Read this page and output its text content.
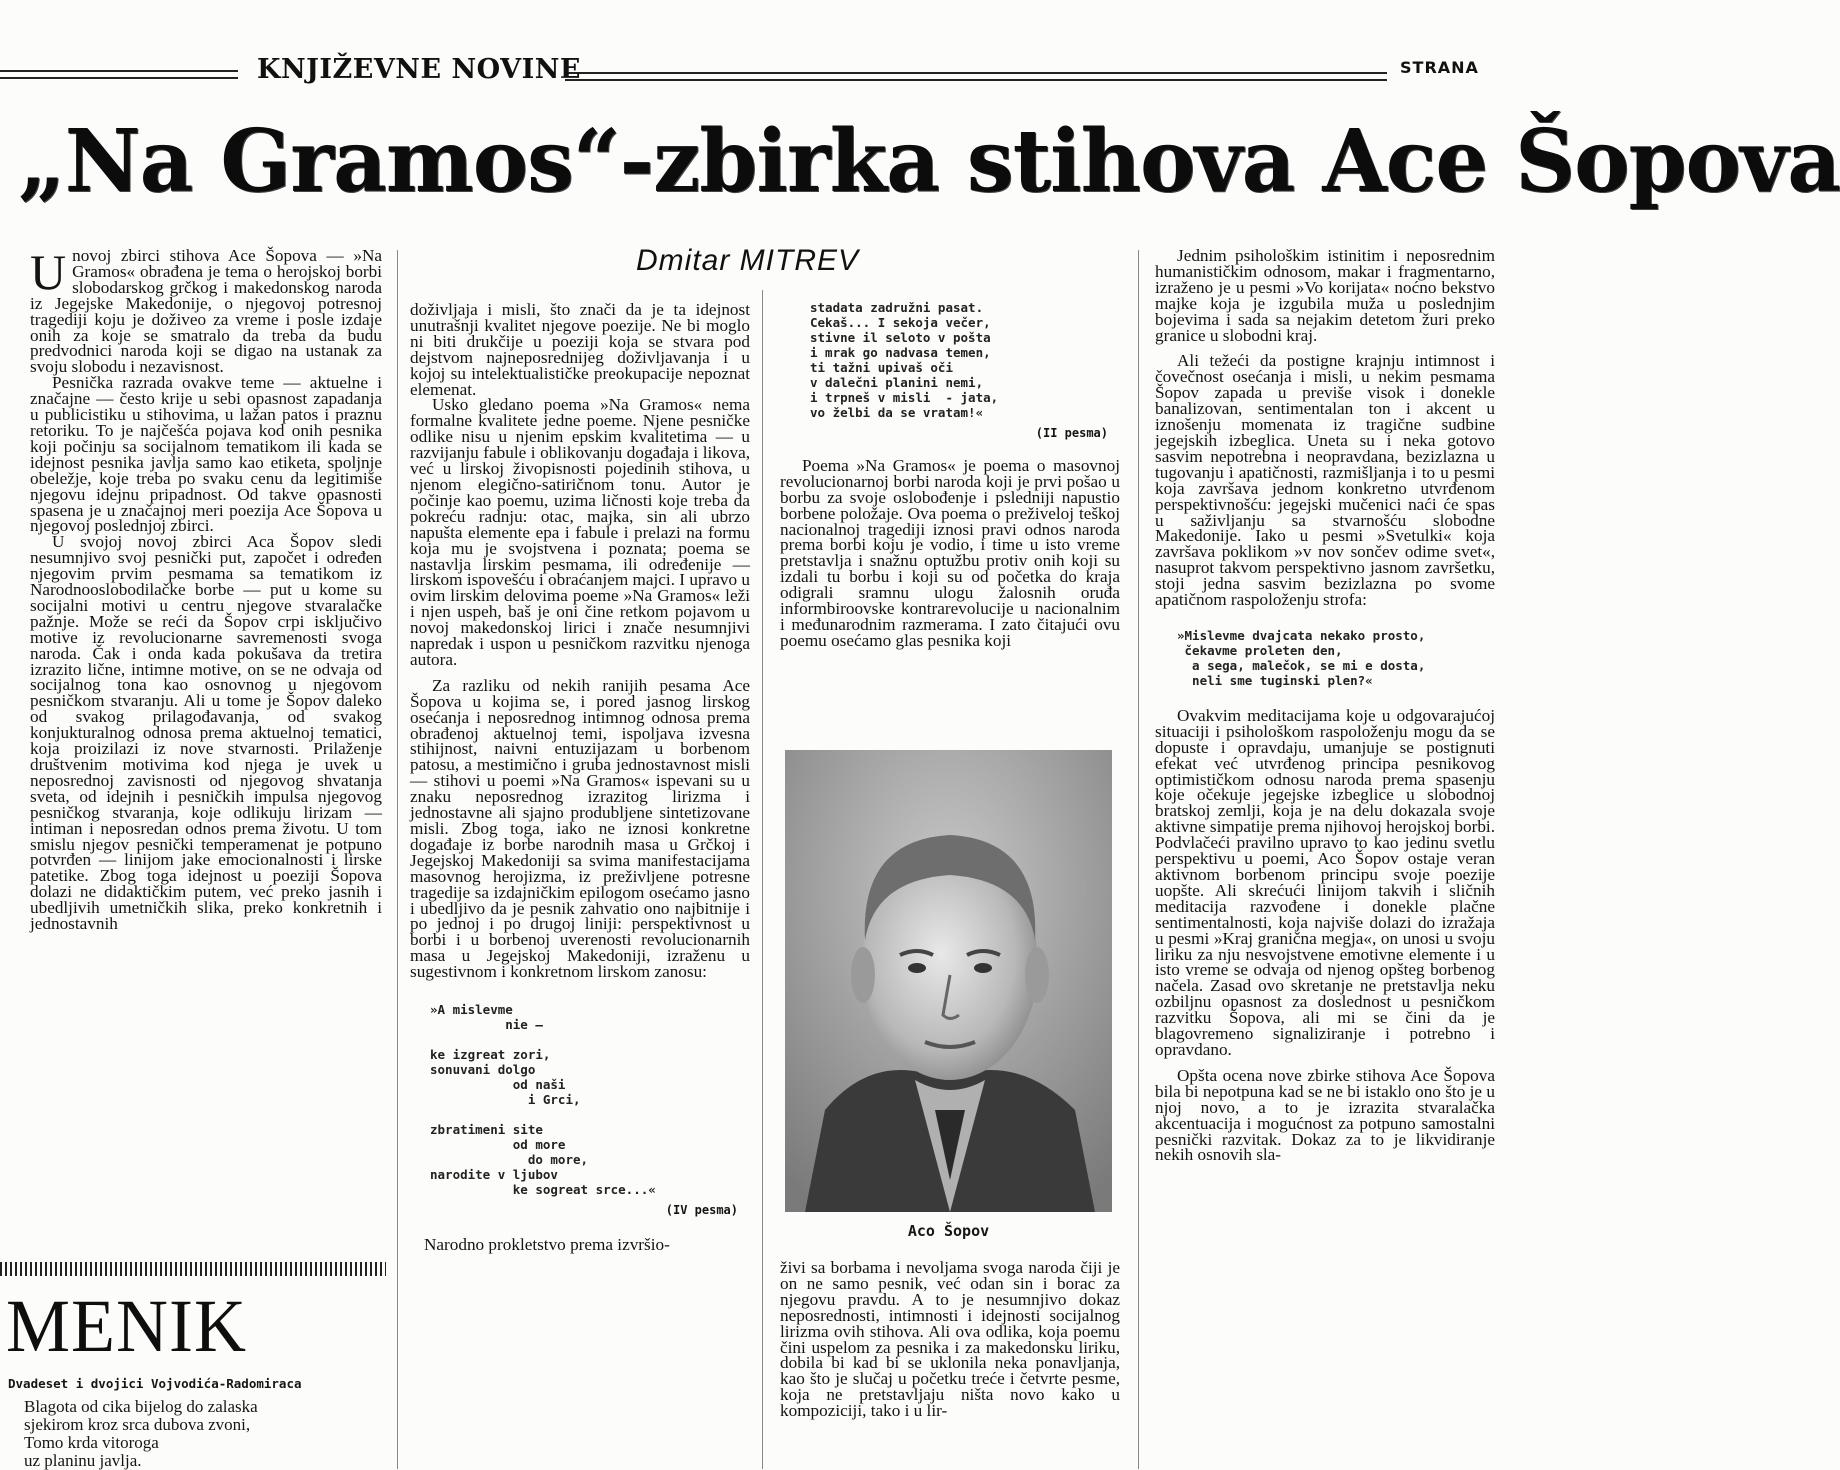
KNJIŽEVNE NOVINE	STRANA
„Na Gramos“-zbirka stihova Ace Šopova
Dmitar MITREV

Unovoj zbirci stihova Ace Šopova — »Na Gramos« obrađena je tema o herojskoj borbi slobodarskog grčkog i makedonskog naroda iz Jegejske Makedonije, o njegovoj potresnoj tragediji koju je doživeo za vreme i posle izdaje onih za koje se smatralo da treba da budu predvodnici naroda koji se digao na ustanak za svoju slobodu i nezavisnost.

Pesnička razrada ovakve teme — aktuelne i značajne — često krije u sebi opasnost zapadanja u publicistiku u stihovima, u lažan patos i praznu retoriku. To je najčešća pojava kod onih pesnika koji počinju sa socijalnom tematikom ili kada se idejnost pesnika javlja samo kao etiketa, spoljnje obeležje, koje treba po svaku cenu da legitimiše njegovu idejnu pripadnost. Od takve opasnosti spasena je u značajnoj meri poezija Ace Šopova u njegovoj poslednjoj zbirci.

U svojoj novoj zbirci Aca Šopov sledi nesumnjivo svoj pesnički put, započet i određen njegovim prvim pesmama sa tematikom iz Narodnooslobodilačke borbe — put u kome su socijalni motivi u centru njegove stvaralačke pažnje. Može se reći da Šopov crpi isključivo motive iz revolucionarne savremenosti svoga naroda. Čak i onda kada pokušava da tretira izrazito lične, intimne motive, on se ne odvaja od socijalnog tona kao osnovnog u njegovom pesničkom stvaranju. Ali u tome je Šopov daleko od svakog prilagođavanja, od svakog konjukturalnog odnosa prema aktuelnoj tematici, koja proizilazi iz nove stvarnosti. Prilaženje društvenim motivima kod njega je uvek u neposrednoj zavisnosti od njegovog shvatanja sveta, od idejnih i pesničkih impulsa njegovog pesničkog stvaranja, koje odlikuju lirizam — intiman i neposredan odnos prema životu. U tom smislu njegov pesnički temperamenat je potpuno potvrđen — linijom jake emocionalnosti i lirske patetike. Zbog toga idejnost u poeziji Šopova dolazi ne didaktičkim putem, već preko jasnih i ubedljivih umetničkih slika, preko konkretnih i jednostavnih

doživljaja i misli, što znači da je ta idejnost unutrašnji kvalitet njegove poezije. Ne bi moglo ni biti drukčije u poeziji koja se stvara pod dejstvom najneposrednijeg doživljavanja i u kojoj su intelektualističke preokupacije nepoznat elemenat.

Usko gledano poema »Na Gramos« nema formalne kvalitete jedne poeme. Njene pesničke odlike nisu u njenim epskim kvalitetima — u razvijanju fabule i oblikovanju događaja i likova, već u lirskoj živopisnosti pojedinih stihova, u njenom elegično-satiričnom tonu. Autor je počinje kao poemu, uzima ličnosti koje treba da pokreću radnju: otac, majka, sin ali ubrzo napušta elemente epa i fabule i prelazi na formu koja mu je svojstvena i poznata; poema se nastavlja lirskim pesmama, ili određenije — lirskom ispovešću i obraćanjem majci. I upravo u ovim lirskim delovima poeme »Na Gramos« leži i njen uspeh, baš je oni čine retkom pojavom u novoj makedonskoj lirici i znače nesumnjivi napredak i uspon u pesničkom razvitku njenoga autora.

Za razliku od nekih ranijih pesama Ace Šopova u kojima se, i pored jasnog lirskog osećanja i neposrednog intimnog odnosa prema obrađenoj aktuelnoj temi, ispoljava izvesna stihijnost, naivni entuzijazam u borbenom patosu, a mestimično i gruba jednostavnost misli — stihovi u poemi »Na Gramos« ispevani su u znaku neposrednog izrazitog lirizma i jednostavne ali sjajno produbljene sintetizovane misli. Zbog toga, iako ne iznosi konkretne događaje iz borbe narodnih masa u Grčkoj i Jegejskoj Makedoniji sa svima manifestacijama masovnog herojizma, iz preživljene potresne tragedije sa izdajničkim epilogom osećamo jasno i ubedljivo da je pesnik zahvatio ono najbitnije i po jednoj i po drugoj liniji: perspektivnost u borbi i u borbenoj uverenosti revolucionarnih masa u Jegejskoj Makedoniji, izraženu u sugestivnom i konkretnom lirskom zanosu:

»A mislevme
nie —

ke izgreat zori,
sonuvani dolgo
od naši
i Grci,

zbratimeni site
od more
do more,
narodite v ljubov
ke sogreat srce...«
(IV pesma)

Narodno prokletstvo prema izvršio-

stadata zadružni pasat.
Cekaš... I sekoja večer,
stivne il seloto v pošta
i mrak go nadvasa temen,
ti tažni upivaš oči
v dalečni planini nemi,
i trpneš v misli  - jata,
vo želbi da se vratam!«
(II pesma)

Poema »Na Gramos« je poema o masovnoj revolucionarnoj borbi naroda koji je prvi pošao u borbu za svoje oslobođenje i psledniji napustio borbene položaje. Ova poema o preživeloj teškoj nacionalnoj tragediji iznosi pravi odnos naroda prema borbi koju je vodio, i time u isto vreme pretstavlja i snažnu optužbu protiv onih koji su izdali tu borbu i koji su od početka do kraja odigrali sramnu ulogu žalosnih oruđa informbiroovske kontrarevolucije u nacionalnim i međunarodnim razmerama. I zato čitajući ovu poemu osećamo glas pesnika koji

Aco Šopov

živi sa borbama i nevoljama svoga naroda čiji je on ne samo pesnik, već odan sin i borac za njegovu pravdu. A to je nesumnjivo dokaz neposrednosti, intimnosti i idejnosti socijalnog lirizma ovih stihova. Ali ova odlika, koja poemu čini uspelom za pesnika i za makedonsku liriku, dobila bi kad bi se uklonila neka ponavljanja, kao što je slučaj u početku treće i četvrte pesme, koja ne pretstavljaju ništa novo kako u kompoziciji, tako i u lir-

Jednim psihološkim istinitim i neposrednim humanističkim odnosom, makar i fragmentarno, izraženo je u pesmi »Vo korijata« noćno bekstvo majke koja je izgubila muža u poslednjim bojevima i sada sa nejakim detetom žuri preko granice u slobodni kraj.

Ali težeći da postigne krajnju intimnost i čovečnost osećanja i misli, u nekim pesmama Šopov zapada u previše visok i donekle banalizovan, sentimentalan ton i akcent u iznošenju momenata iz tragične sudbine jegejskih izbeglica. Uneta su i neka gotovo sasvim nepotrebna i neopravdana, bezizlazna u tugovanju i apatičnosti, razmišljanja i to u pesmi koja završava jednom konkretno utvrđenom perspektivnošću: jegejski mučenici naći će spas u saživljanju sa stvarnošću slobodne Makedonije. Iako u pesmi »Svetulki« koja završava poklikom »v nov sončev odime svet«, nasuprot takvom perspektivno jasnom završetku, stoji jedna sasvim bezizlazna po svome apatičnom raspoloženju strofa:

»Mislevme dvajcata nekako prosto,
čekavme proleten den,
a sega, malečok, se mi e dosta,
neli sme tuginski plen?«

Ovakvim meditacijama koje u odgovarajućoj situaciji i psihološkom raspoloženju mogu da se dopuste i opravdaju, umanjuje se postignuti efekat već utvrđenog principa pesnikovog optimističkom odnosu naroda prema spasenju koje očekuje jegejske izbeglice u slobodnoj bratskoj zemlji, koja je na delu dokazala svoje aktivne simpatije prema njihovoj herojskoj borbi. Podvlačeći pravilno upravo to kao jedinu svetlu perspektivu u poemi, Aco Šopov ostaje veran aktivnom borbenom principu svoje poezije uopšte. Ali skrećući linijom takvih i sličnih meditacija razvođene i donekle plačne sentimentalnosti, koja najviše dolazi do izražaja u pesmi »Kraj granična megja«, on unosi u svoju liriku za nju nesvojstvene emotivne elemente i u isto vreme se odvaja od njenog opšteg borbenog načela. Zasad ovo skretanje ne pretstavlja neku ozbiljnu opasnost za doslednost u pesničkom razvitku Šopova, ali mi se čini da je blagovremeno signaliziranje i potrebno i opravdano.

Opšta ocena nove zbirke stihova Ace Šopova bila bi nepotpuna kad se ne bi istaklo ono što je u njoj novo, a to je izrazita stvaralačka akcentuacija i mogućnost za potpuno samostalni pesnički razvitak. Dokaz za to je likvidiranje nekih osnovih sla-

MENIK
Dvadeset i dvojici Vojvodića-Radomiraca
Blagota od cika bijelog do zalaska
sjekirom kroz srca dubova zvoni,
Tomo krda vitoroga
uz planinu javlja.
